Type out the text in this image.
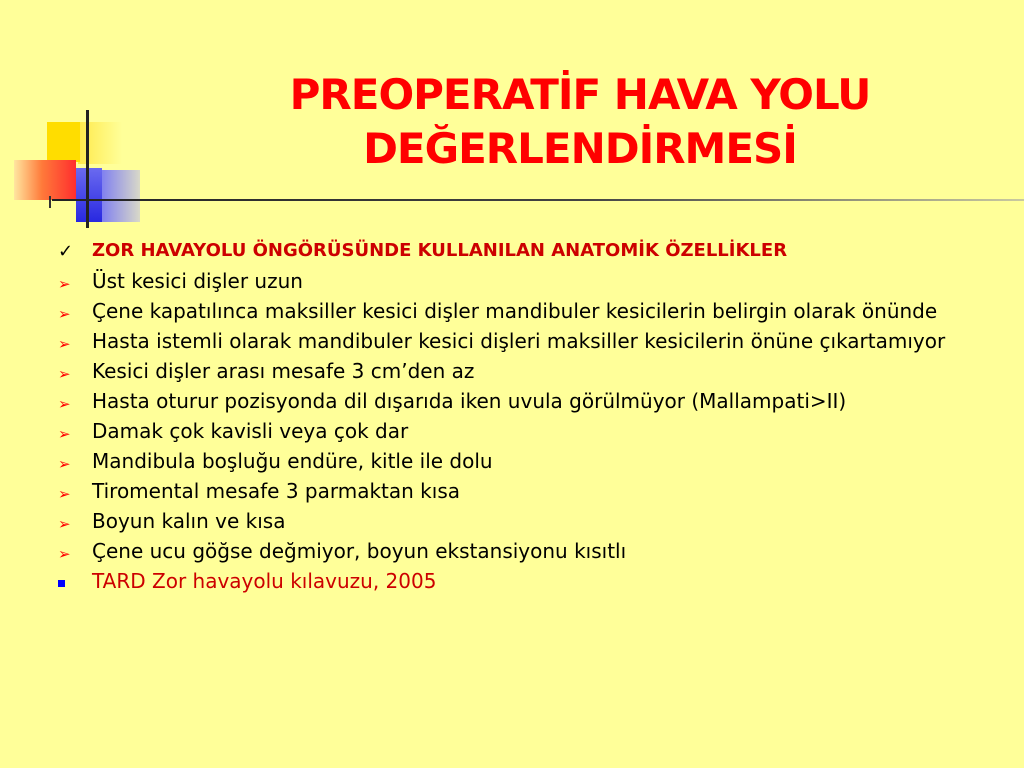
PREOPERATİF HAVA YOLU
DEĞERLENDİRMESİ
✓	ZOR HAVAYOLU ÖNGÖRÜSÜNDE KULLANILAN ANATOMİK ÖZELLİKLER
➢	Üst kesici dişler uzun
➢	Çene kapatılınca maksiller kesici dişler mandibuler kesicilerin belirgin olarak önünde
➢	Hasta istemli olarak mandibuler kesici dişleri maksiller kesicilerin önüne çıkartamıyor
➢	Kesici dişler arası mesafe 3 cm’den az
➢	Hasta oturur pozisyonda dil dışarıda iken uvula görülmüyor (Mallampati>II)
➢	Damak çok kavisli veya çok dar
➢	Mandibula boşluğu endüre, kitle ile dolu
➢	Tiromental mesafe 3 parmaktan kısa
➢	Boyun kalın ve kısa
➢	Çene ucu göğse değmiyor, boyun ekstansiyonu kısıtlı
TARD Zor havayolu kılavuzu, 2005
